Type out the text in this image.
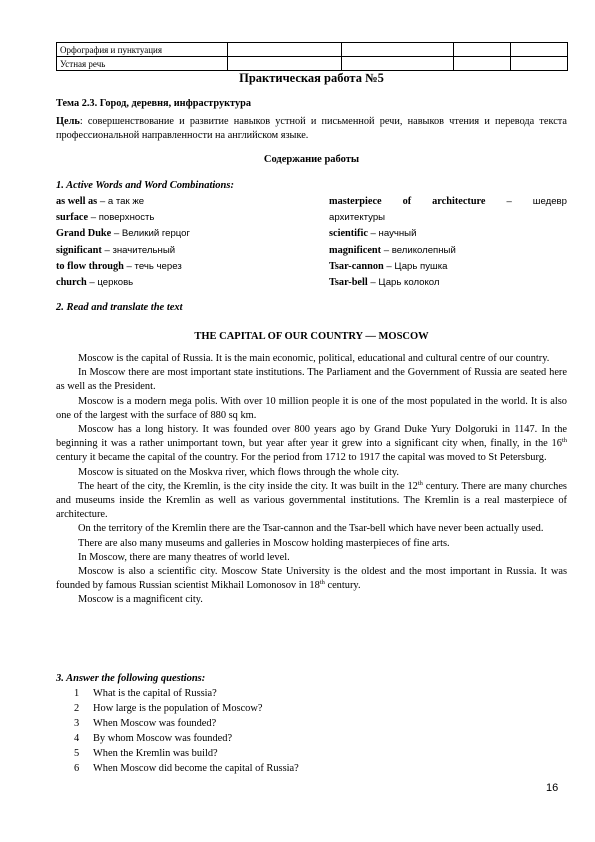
Орфография и пунктуация				
Устная речь				
Практическая работа №5
Тема 2.3. Город, деревня, инфраструктура
Цель: совершенствование и развитие навыков устной и письменной речи, навыков чтения и перевода текста профессиональной направленности на английском языке.
Содержание работы
1. Active Words and Word Combinations:
as well as – а так же
surface – поверхность
Grand Duke – Великий герцог
significant – значительный
to flow through – течь через
church – церковь
masterpiece of architecture – шедевр
архитектуры
scientific – научный
magnificent – великолепный
Tsar-cannon – Царь пушка
Tsar-bell – Царь колокол
2. Read and translate the text
THE CAPITAL OF OUR COUNTRY — MOSCOW

Moscow is the capital of Russia. It is the main economic, political, educational and cultural centre of our country.

In Moscow there are most important state institutions. The Parliament and the Government of Russia are seated here as well as the President.

Moscow is a modern mega polis. With over 10 million people it is one of the most populated in the world. It is also one of the largest with the surface of 880 sq km.

Moscow has a long history. It was founded over 800 years ago by Grand Duke Yury Dolgoruki in 1147. In the beginning it was a rather unimportant town, but year after year it grew into a significant city when, finally, in the 16th century it became the capital of the country. For the period from 1712 to 1917 the capital was moved to St Petersburg.

Moscow is situated on the Moskva river, which flows through the whole city.

The heart of the city, the Kremlin, is the city inside the city. It was built in the 12th century. There are many churches and museums inside the Kremlin as well as various governmental institutions. The Kremlin is a real masterpiece of architecture.

On the territory of the Kremlin there are the Tsar-cannon and the Tsar-bell which have never been actually used.

There are also many museums and galleries in Moscow holding masterpieces of fine arts.

In Moscow, there are many theatres of world level.

Moscow is also a scientific city. Moscow State University is the oldest and the most important in Russia. It was founded by famous Russian scientist Mikhail Lomonosov in 18th century.

Moscow is a magnificent city.

3. Answer the following questions:
1	What is the capital of Russia?
2	How large is the population of Moscow?
3	When Moscow was founded?
4	By whom Moscow was founded?
5	When the Kremlin was build?
6	When Moscow did become the capital of Russia?
16
